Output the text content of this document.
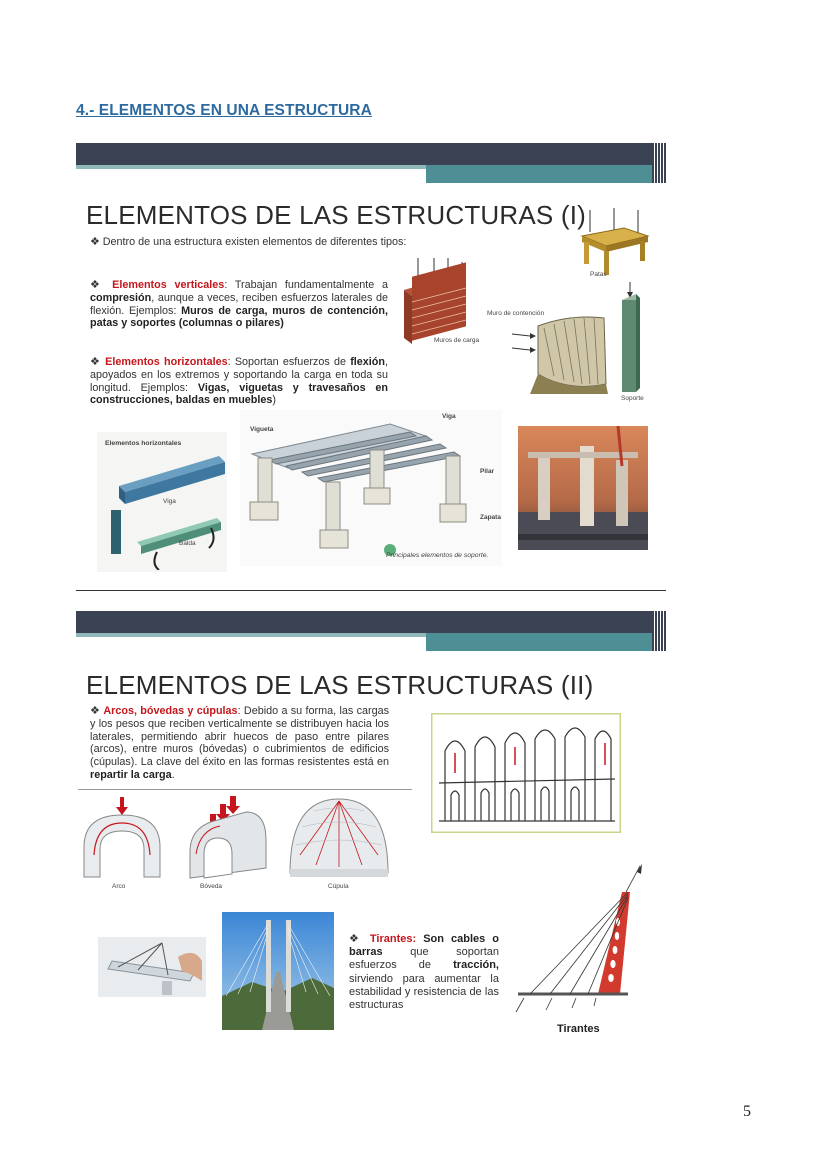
4.- ELEMENTOS EN UNA ESTRUCTURA
ELEMENTOS DE LAS ESTRUCTURAS (I)
❖ Dentro de una estructura existen elementos de diferentes tipos:
❖ Elementos verticales: Trabajan fundamentalmente a compresión, aunque a veces, reciben esfuerzos laterales de flexión. Ejemplos: Muros de carga, muros de contención, patas y soportes (columnas o pilares)
❖ Elementos horizontales: Soportan esfuerzos de flexión, apoyados en los extremos y soportando la carga en toda su longitud. Ejemplos: Vigas, viguetas y travesaños en construcciones, baldas en muebles)
Patas
Muros de carga
Muro de contención
Soporte
Elementos horizontales
Viga
Balda
Vigueta
Viga
Pilar
Zapata
Principales elementos de soporte.
ELEMENTOS DE LAS ESTRUCTURAS (II)
❖ Arcos, bóvedas y cúpulas: Debido a su forma, las cargas y los pesos que reciben verticalmente se distribuyen hacia los laterales, permitiendo abrir huecos de paso entre pilares (arcos), entre muros (bóvedas) o cubrimientos de edificios (cúpulas). La clave del éxito en las formas resistentes está en repartir la carga.
Arco	Bóveda	Cúpula
❖ Tirantes: Son cables o barras que soportan esfuerzos de tracción, sirviendo para aumentar la estabilidad y resistencia de las estructuras
Tirantes
5
